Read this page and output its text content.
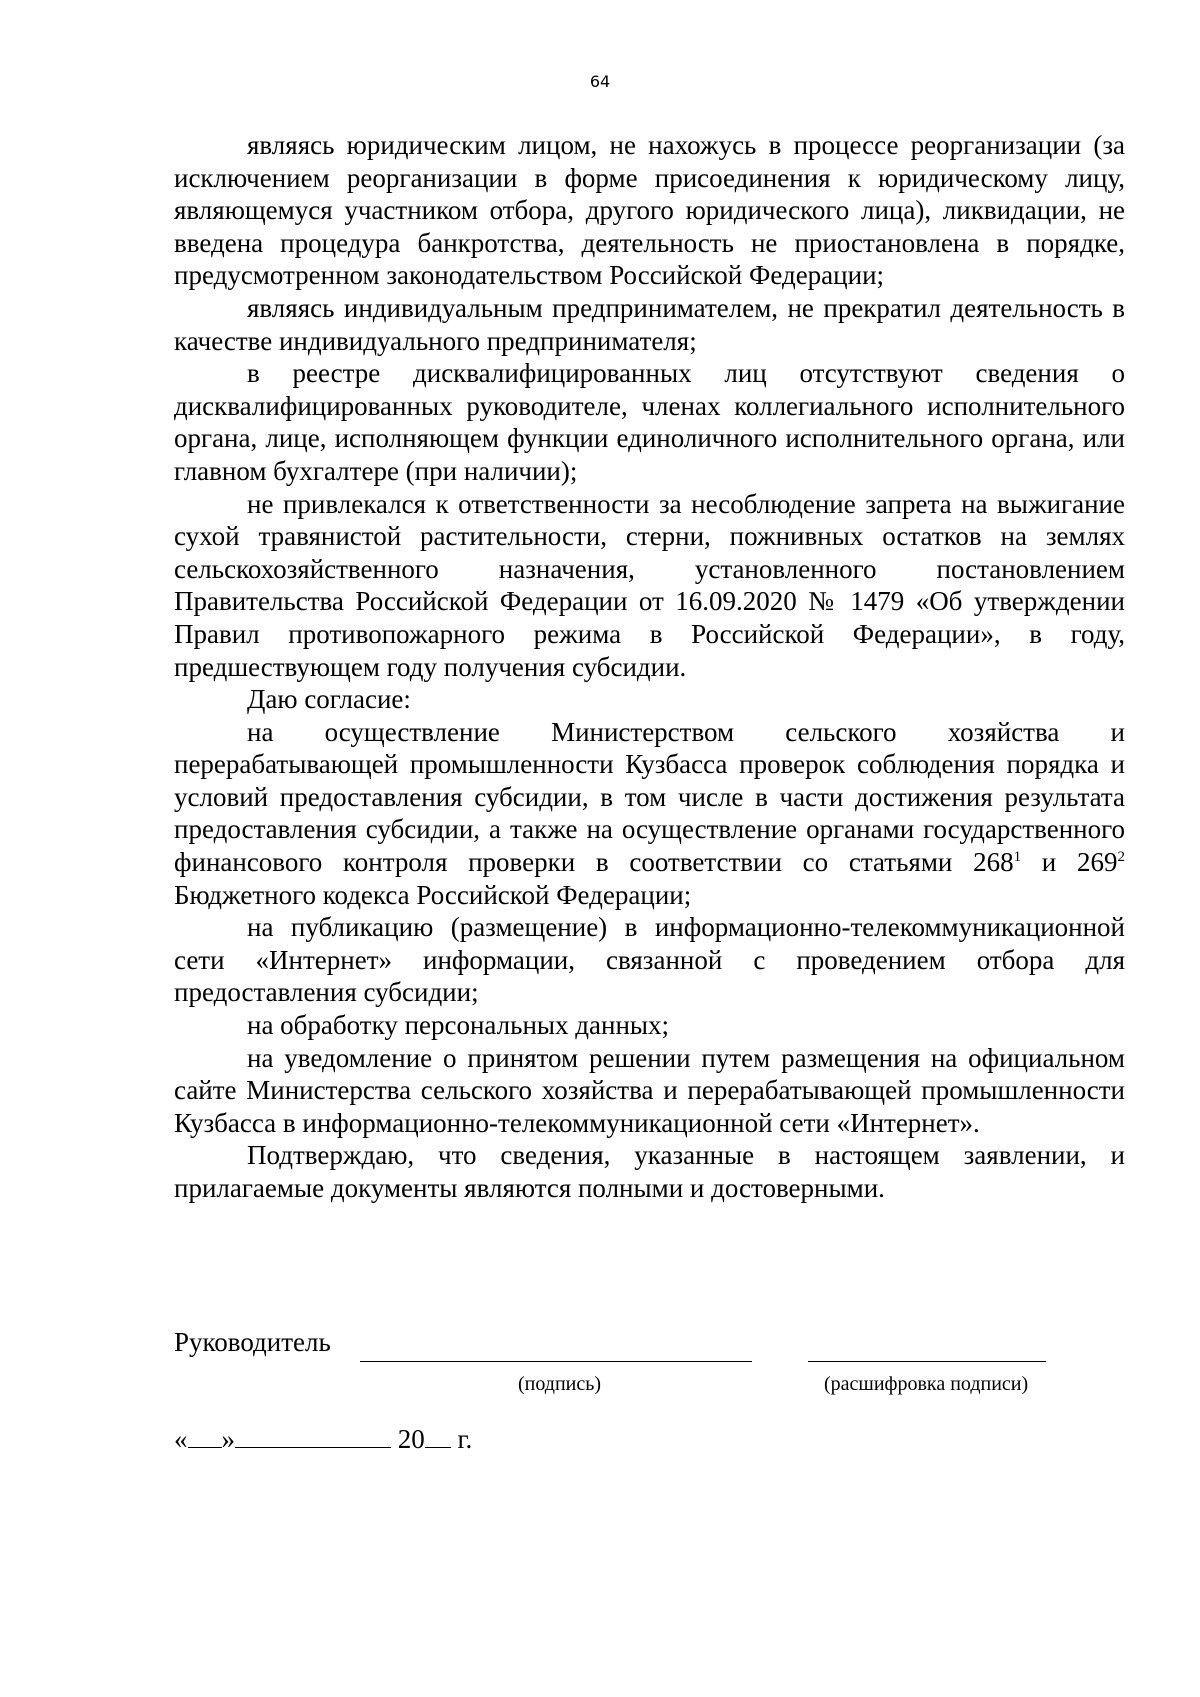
64

являясь юридическим лицом, не нахожусь в процессе реорганизации (за исключением реорганизации в форме присоединения к юридическому лицу, являющемуся участником отбора, другого юридического лица), ликвидации, не введена процедура банкротства, деятельность не приостановлена в порядке, предусмотренном законодательством Российской Федерации;

являясь индивидуальным предпринимателем, не прекратил деятельность в качестве индивидуального предпринимателя;

в реестре дисквалифицированных лиц отсутствуют сведения о дисквалифицированных руководителе, членах коллегиального исполнительного органа, лице, исполняющем функции единоличного исполнительного органа, или главном бухгалтере (при наличии);

не привлекался к ответственности за несоблюдение запрета на выжигание сухой травянистой растительности, стерни, пожнивных остатков на землях сельскохозяйственного назначения, установленного постановлением Правительства Российской Федерации от 16.09.2020 № 1479 «Об утверждении Правил противопожарного режима в Российской Федерации», в году, предшествующем году получения субсидии.

Даю согласие:

на осуществление Министерством сельского хозяйства и перерабатывающей промышленности Кузбасса проверок соблюдения порядка и условий предоставления субсидии, в том числе в части достижения результата предоставления субсидии, а также на осуществление органами государственного финансового контроля проверки в соответствии со статьями $268^1$ и $269^2$ Бюджетного кодекса Российской Федерации;

на публикацию (размещение) в информационно-телекоммуникационной сети «Интернет» информации, связанной с проведением отбора для предоставления субсидии;

на обработку персональных данных;

на уведомление о принятом решении путем размещения на официальном сайте Министерства сельского хозяйства и перерабатывающей промышленности Кузбасса в информационно-телекоммуникационной сети «Интернет».

Подтверждаю, что сведения, указанные в настоящем заявлении, и прилагаемые документы являются полными и достоверными.

Руководитель
(подпись)	(расшифровка подписи)
« »	20 г.
